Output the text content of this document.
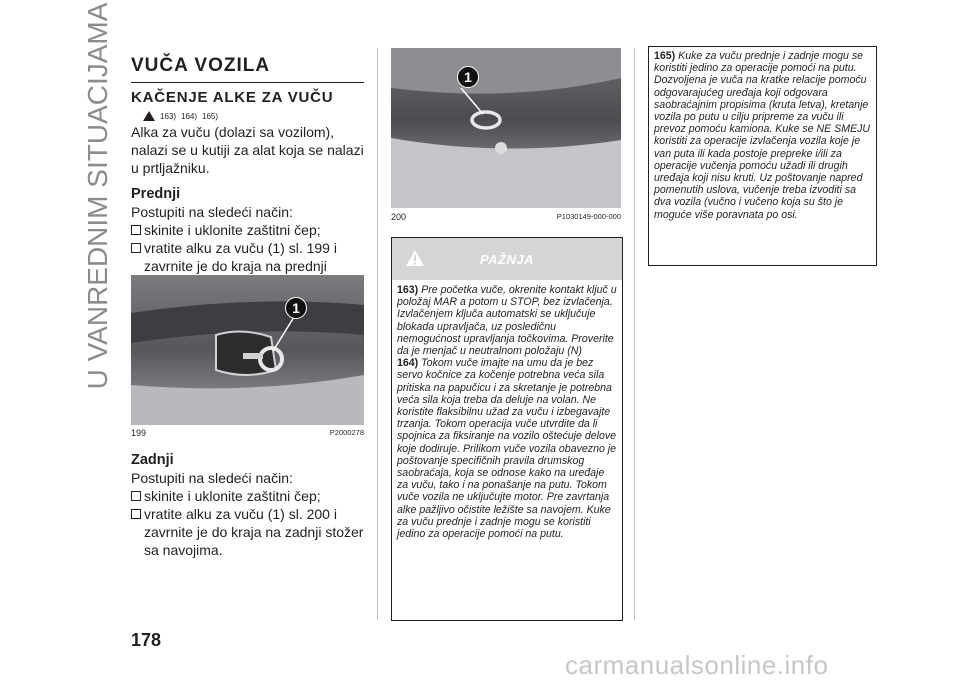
U VANREDNIM SITUACIJAMA VUČA VOZILA
KAČENJE ALKE ZA VUČU
163) 164) 165)

Alka za vuču (dolazi sa vozilom), nalazi se u kutiji za alat koja se nalazi u prtljažniku.

Prednji

Postupiti na sledeći način:

skinite i uklonite zaštitni čep;
vratite alku za vuču (1) sl. 199 i zavrnite je do kraja na prednji
1
199	P2000278
Zadnji

Postupiti na sledeći način:

skinite i uklonite zaštitni čep;
vratite alku za vuču (1) sl. 200 i zavrnite je do kraja na zadnji stožer sa navojima.
1
200	P1030149-000-000
PAŽNJA

163) Pre početka vuče, okrenite kontakt ključ u položaj MAR a potom u STOP, bez izvlačenja. Izvlačenjem ključa automatski se uključuje blokada upravljača, uz posledičnu nemogućnost upravljanja točkovima. Proverite da je menjač u neutralnom položaju (N)

164) Tokom vuče imajte na umu da je bez servo kočnice za kočenje potrebna veća sila pritiska na papučicu i za skretanje je potrebna veća sila koja treba da deluje na volan. Ne koristite flaksibilnu užad za vuču i izbegavajte trzanja. Tokom operacija vuče utvrdite da li spojnica za fiksiranje na vozilo oštećuje delove koje dodiruje. Prilikom vuče vozila obavezno je poštovanje specifičnih pravila drumskog saobraćaja, koja se odnose kako na uređaje za vuču, tako i na ponašanje na putu. Tokom vuče vozila ne uključujte motor. Pre zavrtanja alke pažljivo očistite ležište sa navojem. Kuke za vuču prednje i zadnje mogu se koristiti jedino za operacije pomoći na putu.

165) Kuke za vuču prednje i zadnje mogu se koristiti jedino za operacije pomoći na putu. Dozvoljena je vuča na kratke relacije pomoću odgovarajućeg uređaja koji odgovara saobraćajnim propisima (kruta letva), kretanje vozila po putu u cilju pripreme za vuču ili prevoz pomoću kamiona. Kuke se NE SMEJU koristiti za operacije izvlačenja vozila koje je van puta ili kada postoje prepreke i/ili za operacije vučenja pomoću užadi ili drugih uređaja koji nisu kruti. Uz poštovanje napred pomenutih uslova, vučenje treba izvoditi sa dva vozila (vučno i vučeno koja su što je moguće više poravnata po osi.

178
carmanualsonline.info
